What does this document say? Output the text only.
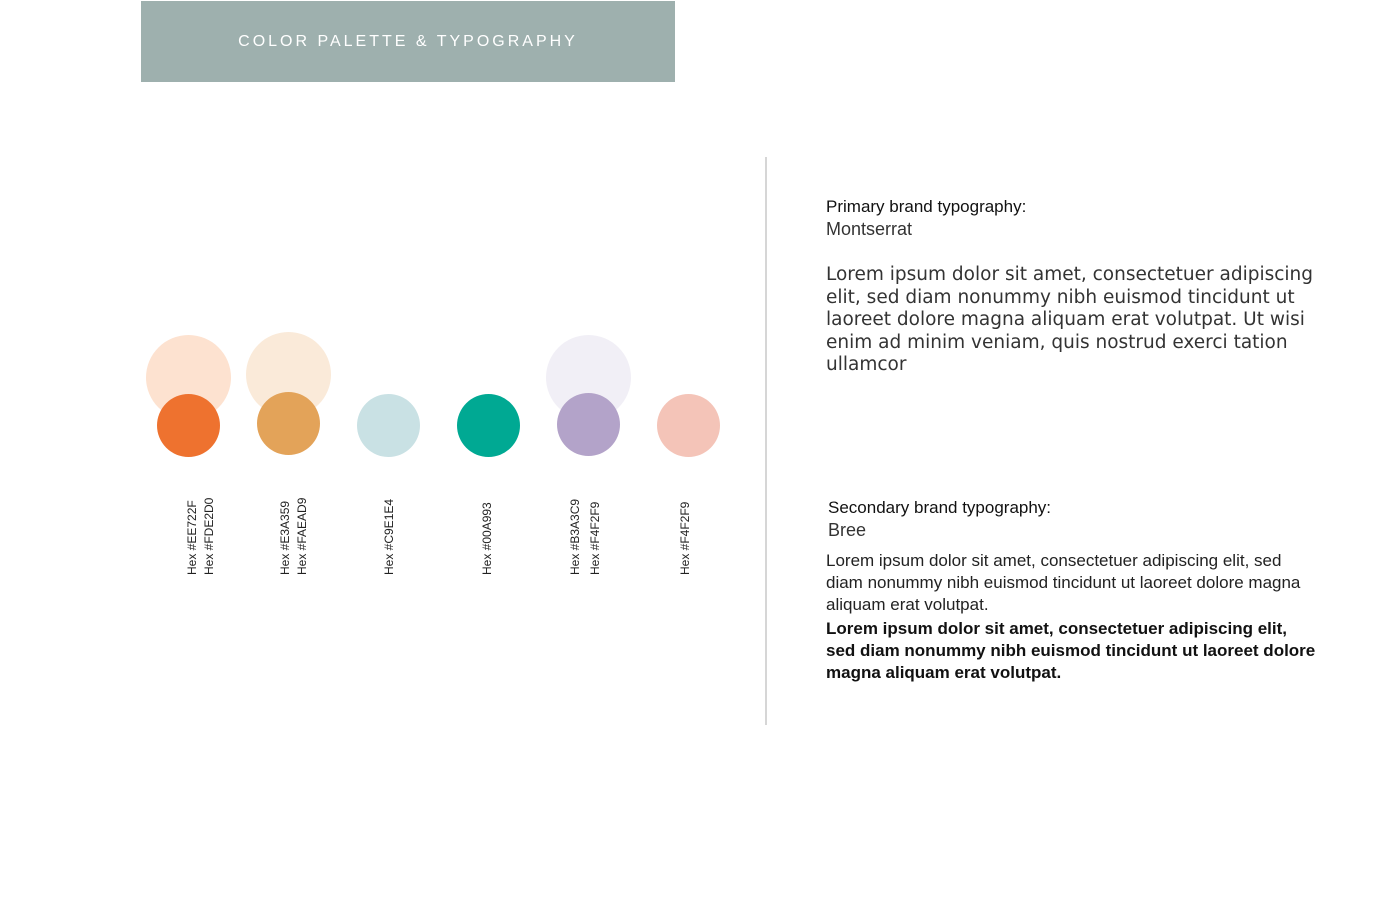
COLOR PALETTE & TYPOGRAPHY
Hex #EE722F Hex #FDE2D0	Hex #E3A359 Hex #FAEAD9	Hex #C9E1E4	Hex #00A993	Hex #B3A3C9 Hex #F4F2F9	Hex #F4F2F9
Primary brand typography:
Montserrat
Lorem ipsum dolor sit amet, consectetuer adipiscing elit, sed diam nonummy nibh euismod tincidunt ut laoreet dolore magna aliquam erat volutpat. Ut wisi enim ad minim veniam, quis nostrud exerci tation ullamcor
Secondary brand typography:
Bree
Lorem ipsum dolor sit amet, consectetuer adipiscing elit, sed diam nonummy nibh euismod tincidunt ut laoreet dolore magna aliquam erat volutpat.
Lorem ipsum dolor sit amet, consectetuer adipiscing elit, sed diam nonummy nibh euismod tincidunt ut laoreet dolore magna aliquam erat volutpat.
